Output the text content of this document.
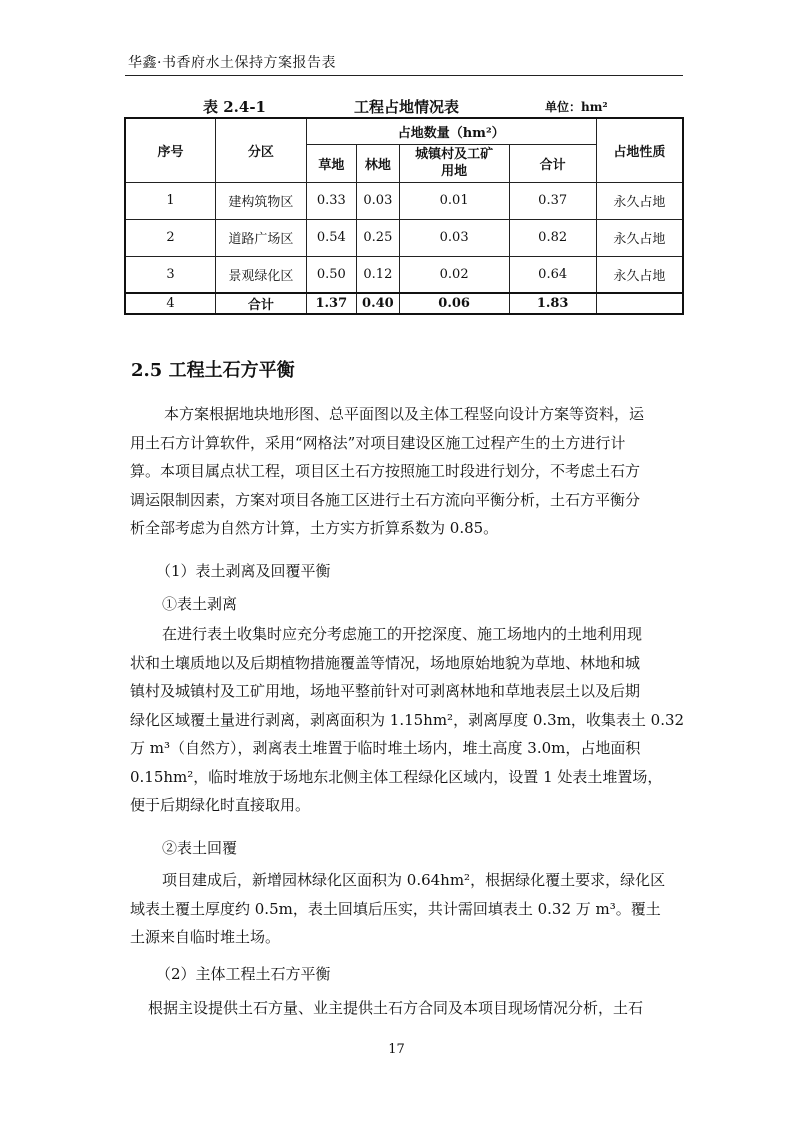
华鑫·书香府水土保持方案报告表
表 2.4-1	工程占地情况表	单位：hm²
序号	分区	占地数量（hm²）				占地性质
		草地	林地	城镇村及工矿用地	合计	
1	建构筑物区	0.33	0.03	0.01	0.37	永久占地
2	道路广场区	0.54	0.25	0.03	0.82	永久占地
3	景观绿化区	0.50	0.12	0.02	0.64	永久占地
4	合计	1.37	0.40	0.06	1.83	
2.5 工程土石方平衡
本方案根据地块地形图、总平面图以及主体工程竖向设计方案等资料，运
用土石方计算软件，采用“网格法”对项目建设区施工过程产生的土方进行计
算。本项目属点状工程，项目区土石方按照施工时段进行划分，不考虑土石方
调运限制因素，方案对项目各施工区进行土石方流向平衡分析，土石方平衡分
析全部考虑为自然方计算，土方实方折算系数为 0.85。
（1）表土剥离及回覆平衡
①表土剥离
在进行表土收集时应充分考虑施工的开挖深度、施工场地内的土地利用现
状和土壤质地以及后期植物措施覆盖等情况，场地原始地貌为草地、林地和城
镇村及城镇村及工矿用地，场地平整前针对可剥离林地和草地表层土以及后期
绿化区域覆土量进行剥离，剥离面积为 1.15hm²，剥离厚度 0.3m，收集表土 0.32
万 m³（自然方），剥离表土堆置于临时堆土场内，堆土高度 3.0m，占地面积
0.15hm²，临时堆放于场地东北侧主体工程绿化区域内，设置 1 处表土堆置场，
便于后期绿化时直接取用。
②表土回覆
项目建成后，新增园林绿化区面积为 0.64hm²，根据绿化覆土要求，绿化区
域表土覆土厚度约 0.5m，表土回填后压实，共计需回填表土 0.32 万 m³。覆土
土源来自临时堆土场。
（2）主体工程土石方平衡
根据主设提供土石方量、业主提供土石方合同及本项目现场情况分析，土石
17
